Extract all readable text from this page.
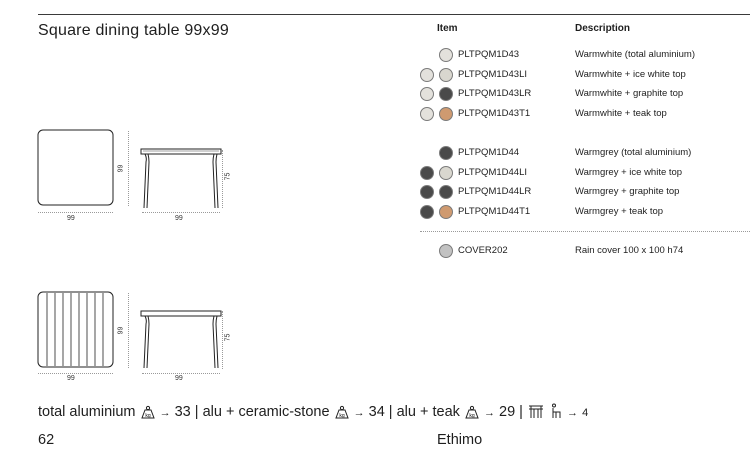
Square dining table 99x99	Item	Description
PLTPQM1D43	Warmwhite (total aluminium)
PLTPQM1D43LI	Warmwhite + ice white top
PLTPQM1D43LR	Warmwhite + graphite top
PLTPQM1D43T1	Warmwhite + teak top
PLTPQM1D44	Warmgrey (total aluminium)
PLTPQM1D44LI	Warmgrey + ice white top
PLTPQM1D44LR	Warmgrey + graphite top
PLTPQM1D44T1	Warmgrey + teak top
COVER202	Rain cover 100 x 100 h74
99
99
99
75
99
99
99
75
total aluminium kg → 33 | alu + ceramic-stone kg → 34 | alu + teak kg → 29 |	→ 4
62	Ethimo
